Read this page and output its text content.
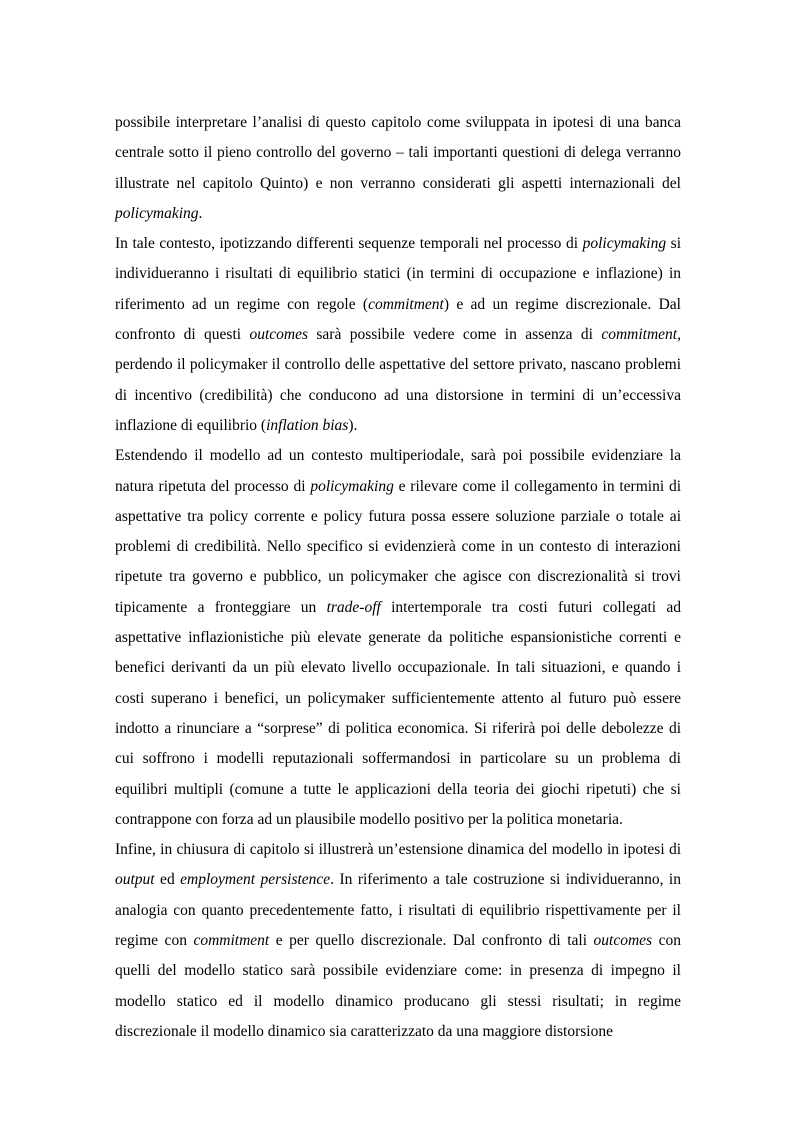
possibile interpretare l’analisi di questo capitolo come sviluppata in ipotesi di una banca centrale sotto il pieno controllo del governo – tali importanti questioni di delega verranno illustrate nel capitolo Quinto) e non verranno considerati gli aspetti internazionali del policymaking.

In tale contesto, ipotizzando differenti sequenze temporali nel processo di policymaking si individueranno i risultati di equilibrio statici (in termini di occupazione e inflazione) in riferimento ad un regime con regole (commitment) e ad un regime discrezionale. Dal confronto di questi outcomes sarà possibile vedere come in assenza di commitment, perdendo il policymaker il controllo delle aspettative del settore privato, nascano problemi di incentivo (credibilità) che conducono ad una distorsione in termini di un’eccessiva inflazione di equilibrio (inflation bias).

Estendendo il modello ad un contesto multiperiodale, sarà poi possibile evidenziare la natura ripetuta del processo di policymaking e rilevare come il collegamento in termini di aspettative tra policy corrente e policy futura possa essere soluzione parziale o totale ai problemi di credibilità. Nello specifico si evidenzierà come in un contesto di interazioni ripetute tra governo e pubblico, un policymaker che agisce con discrezionalità si trovi tipicamente a fronteggiare un trade-off intertemporale tra costi futuri collegati ad aspettative inflazionistiche più elevate generate da politiche espansionistiche correnti e benefici derivanti da un più elevato livello occupazionale. In tali situazioni, e quando i costi superano i benefici, un policymaker sufficientemente attento al futuro può essere indotto a rinunciare a “sorprese” di politica economica. Si riferirà poi delle debolezze di cui soffrono i modelli reputazionali soffermandosi in particolare su un problema di equilibri multipli (comune a tutte le applicazioni della teoria dei giochi ripetuti) che si contrappone con forza ad un plausibile modello positivo per la politica monetaria.

Infine, in chiusura di capitolo si illustrerà un’estensione dinamica del modello in ipotesi di output ed employment persistence. In riferimento a tale costruzione si individueranno, in analogia con quanto precedentemente fatto, i risultati di equilibrio rispettivamente per il regime con commitment e per quello discrezionale. Dal confronto di tali outcomes con quelli del modello statico sarà possibile evidenziare come: in presenza di impegno il modello statico ed il modello dinamico producano gli stessi risultati; in regime discrezionale il modello dinamico sia caratterizzato da una maggiore distorsione
